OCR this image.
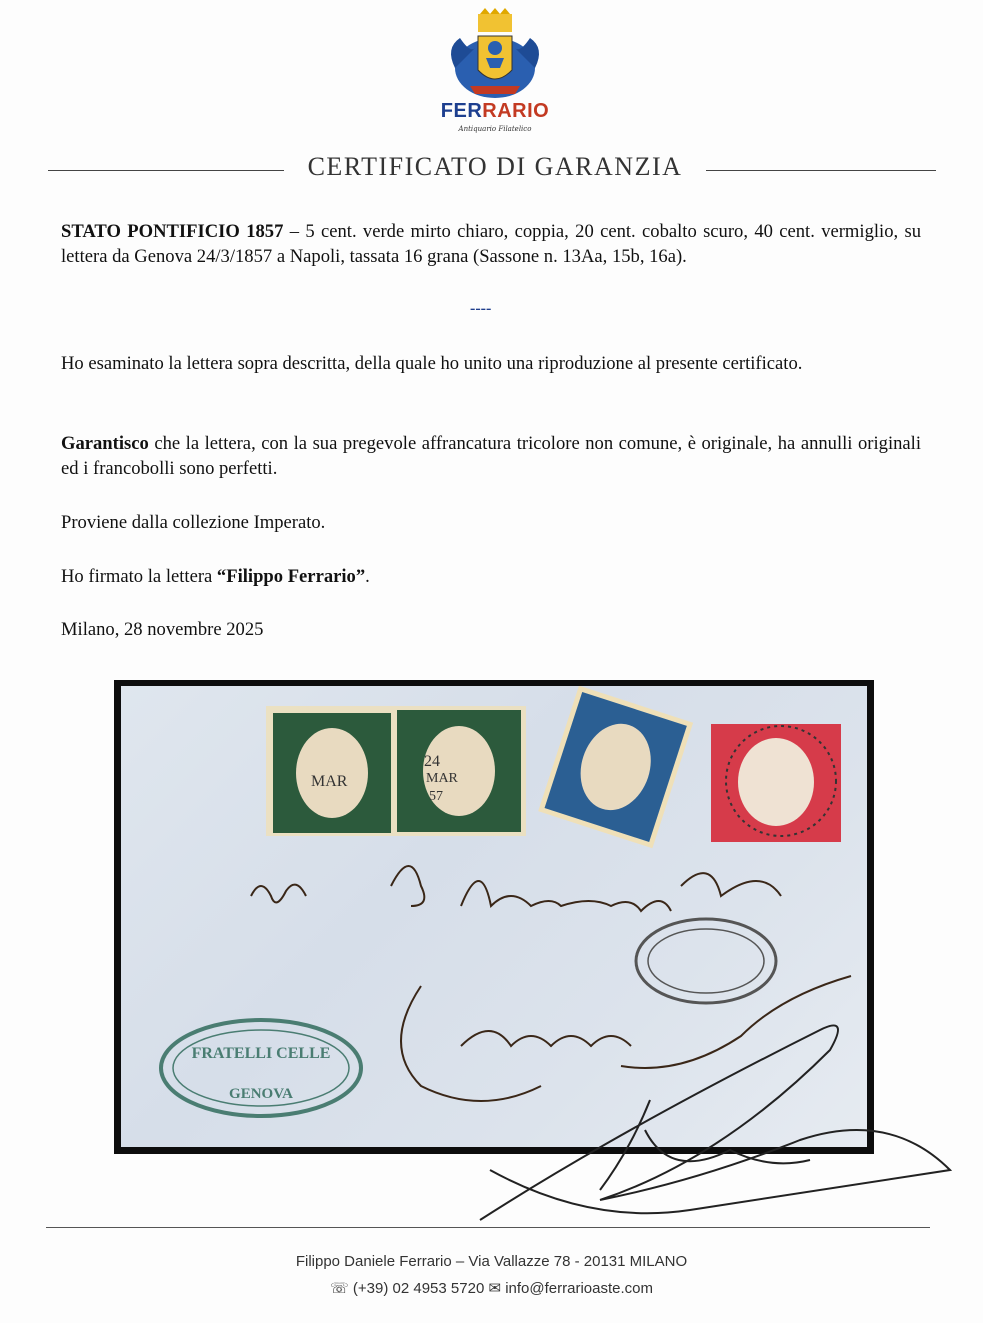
FERRARIO
Antiquario Filatelico
CERTIFICATO DI GARANZIA
STATO PONTIFICIO 1857 – 5 cent. verde mirto chiaro, coppia, 20 cent. cobalto scuro, 40 cent. vermiglio, su lettera da Genova 24/3/1857 a Napoli, tassata 16 grana (Sassone n. 13Aa, 15b, 16a).
----
Ho esaminato la lettera sopra descritta, della quale ho unito una riproduzione al presente certificato.
Garantisco che la lettera, con la sua pregevole affrancatura tricolore non comune, è originale, ha annulli originali ed i francobolli sono perfetti.
Proviene dalla collezione Imperato.
Ho firmato la lettera “Filippo Ferrario”.
Milano, 28 novembre 2025
MAR
24
MAR
57
FRATELLI CELLE
GENOVA
Filippo Daniele Ferrario – Via Vallazze 78 - 20131 MILANO
☏ (+39) 02 4953 5720 ✉ info@ferrarioaste.com
